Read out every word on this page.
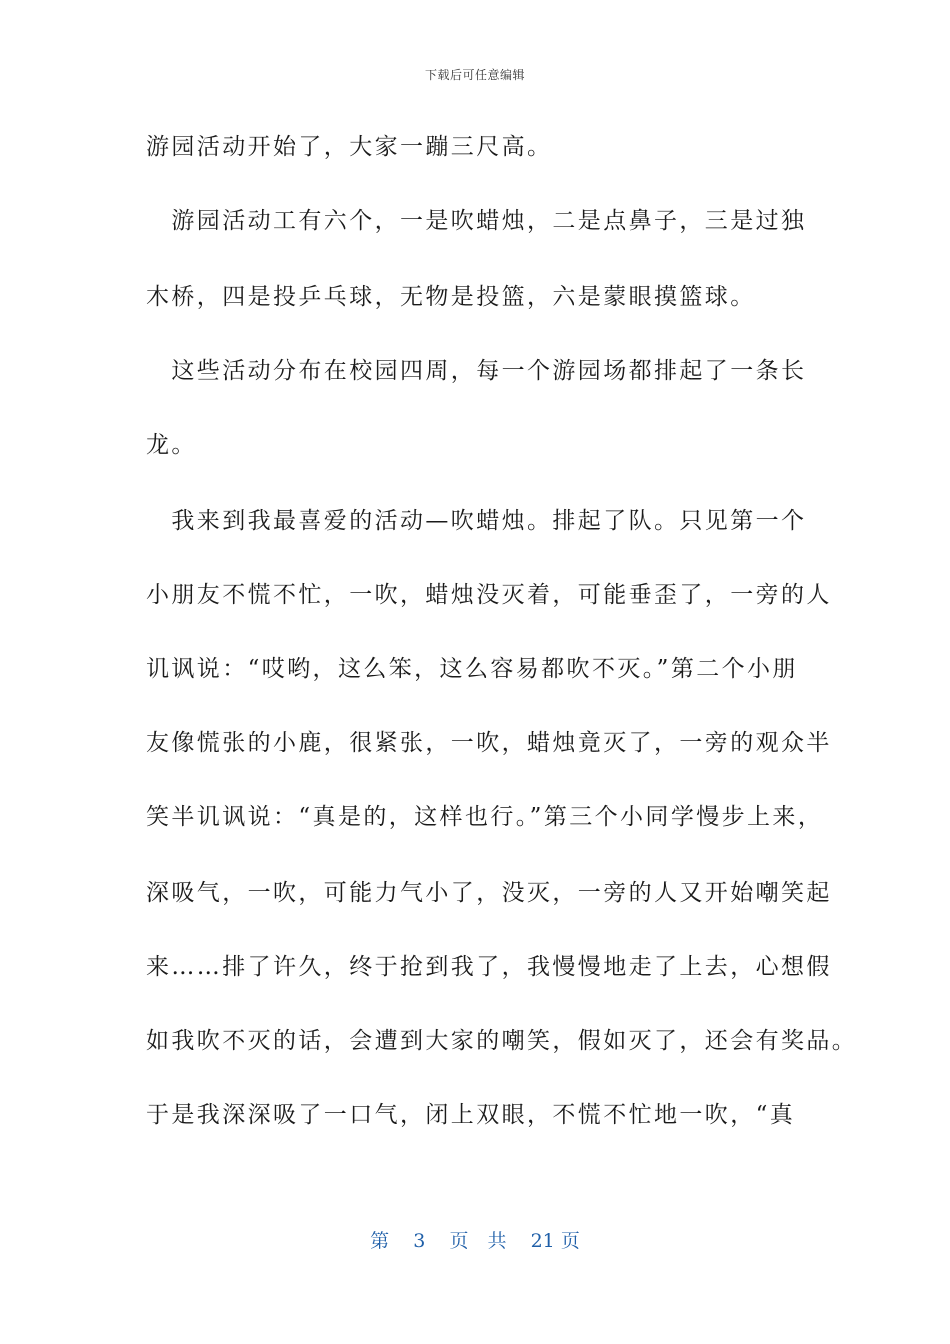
下载后可任意编辑
游园活动开始了，大家一蹦三尺高。
　游园活动工有六个，一是吹蜡烛，二是点鼻子，三是过独
木桥，四是投乒乓球，无物是投篮，六是蒙眼摸篮球。
　这些活动分布在校园四周，每一个游园场都排起了一条长
龙。
　我来到我最喜爱的活动—吹蜡烛。排起了队。只见第一个
小朋友不慌不忙，一吹，蜡烛没灭着，可能垂歪了，一旁的人
讥讽说：“哎哟，这么笨，这么容易都吹不灭。”第二个小朋
友像慌张的小鹿，很紧张，一吹，蜡烛竟灭了，一旁的观众半
笑半讥讽说：“真是的，这样也行。”第三个小同学慢步上来，
深吸气，一吹，可能力气小了，没灭，一旁的人又开始嘲笑起
来……排了许久，终于抢到我了，我慢慢地走了上去，心想假
如我吹不灭的话，会遭到大家的嘲笑，假如灭了，还会有奖品。
于是我深深吸了一口气，闭上双眼，不慌不忙地一吹，“真
第 3 页　共 21 页
